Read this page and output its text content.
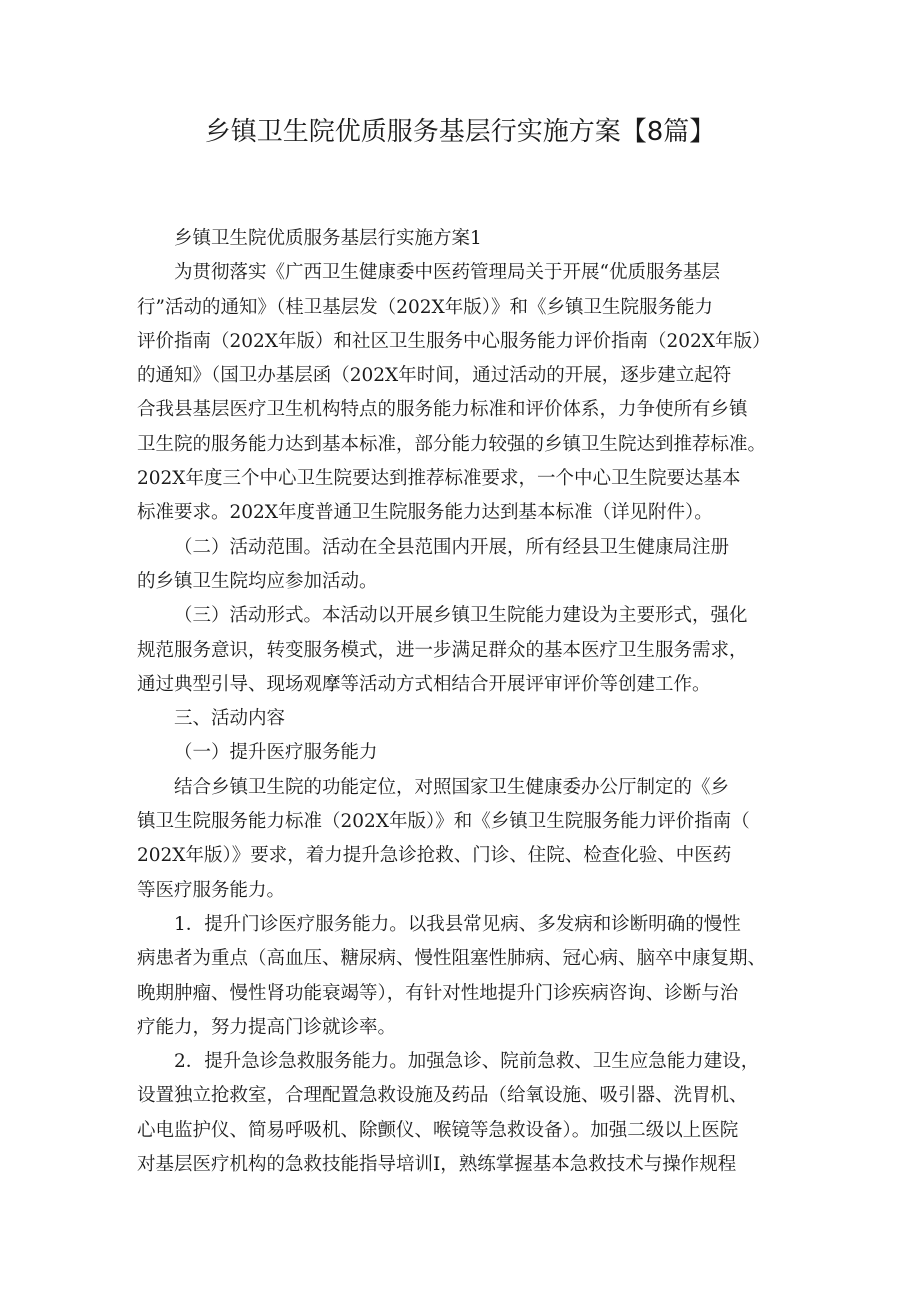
乡镇卫生院优质服务基层行实施方案【8篇】

乡镇卫生院优质服务基层行实施方案1

为贯彻落实《广西卫生健康委中医药管理局关于开展“优质服务基层

行”活动的通知》（桂卫基层发（202X年版）》和《乡镇卫生院服务能力

评价指南（202X年版）和社区卫生服务中心服务能力评价指南（202X年版）

的通知》（国卫办基层函（202X年时间，通过活动的开展，逐步建立起符

合我县基层医疗卫生机构特点的服务能力标准和评价体系，力争使所有乡镇

卫生院的服务能力达到基本标准，部分能力较强的乡镇卫生院达到推荐标准。

202X年度三个中心卫生院要达到推荐标准要求，一个中心卫生院要达基本

标准要求。202X年度普通卫生院服务能力达到基本标准（详见附件）。

（二）活动范围。活动在全县范围内开展，所有经县卫生健康局注册

的乡镇卫生院均应参加活动。

（三）活动形式。本活动以开展乡镇卫生院能力建设为主要形式，强化

规范服务意识，转变服务模式，进一步满足群众的基本医疗卫生服务需求，

通过典型引导、现场观摩等活动方式相结合开展评审评价等创建工作。

三、活动内容

（一）提升医疗服务能力

结合乡镇卫生院的功能定位，对照国家卫生健康委办公厅制定的《乡

镇卫生院服务能力标准（202X年版）》和《乡镇卫生院服务能力评价指南（

202X年版）》要求，着力提升急诊抢救、门诊、住院、检查化验、中医药

等医疗服务能力。

1．提升门诊医疗服务能力。以我县常见病、多发病和诊断明确的慢性

病患者为重点（高血压、糖尿病、慢性阻塞性肺病、冠心病、脑卒中康复期、

晚期肿瘤、慢性肾功能衰竭等），有针对性地提升门诊疾病咨询、诊断与治

疗能力，努力提高门诊就诊率。

2．提升急诊急救服务能力。加强急诊、院前急救、卫生应急能力建设，

设置独立抢救室，合理配置急救设施及药品（给氧设施、吸引器、洗胃机、

心电监护仪、简易呼吸机、除颤仪、喉镜等急救设备）。加强二级以上医院

对基层医疗机构的急救技能指导培训Ⅰ，熟练掌握基本急救技术与操作规程
